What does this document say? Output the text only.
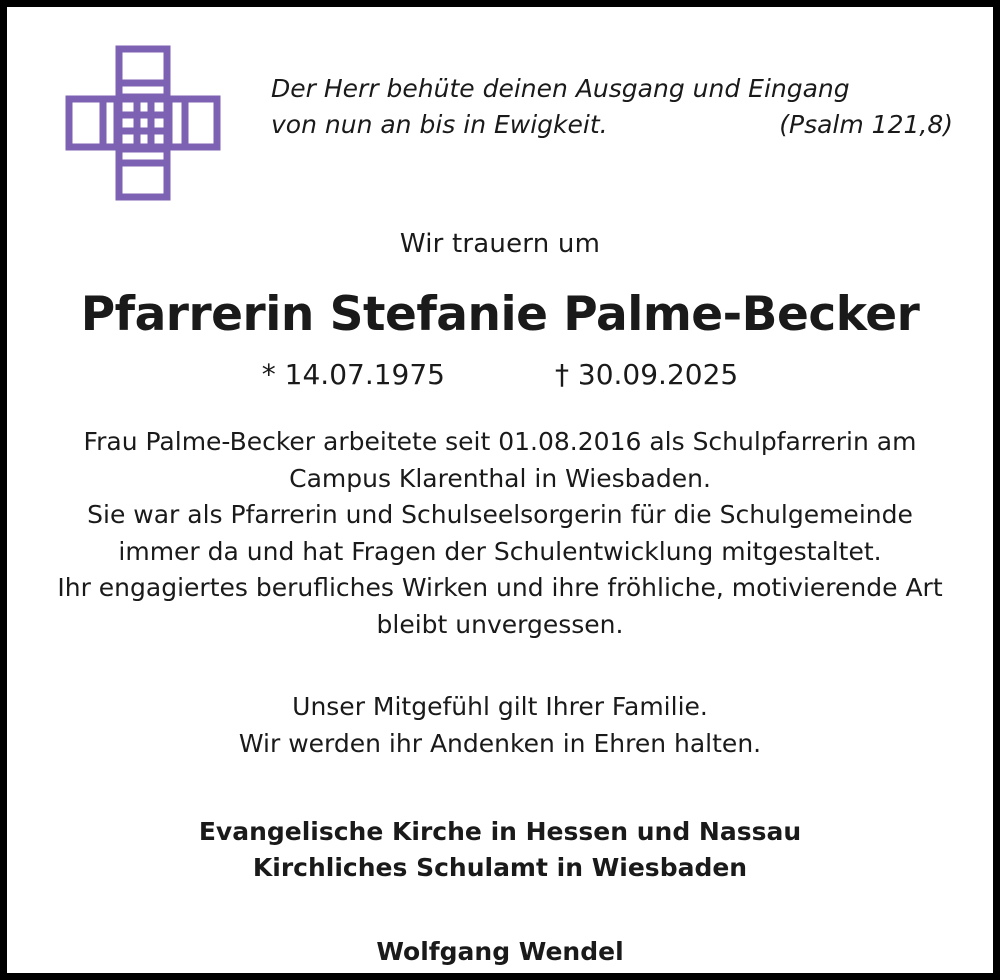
Der Herr behüte deinen Ausgang und Eingang
von nun an bis in Ewigkeit.	(Psalm 121,8)
Wir trauern um
Pfarrerin Stefanie Palme-Becker
* 14.07.1975	† 30.09.2025
Frau Palme-Becker arbeitete seit 01.08.2016 als Schulpfarrerin am
Campus Klarenthal in Wiesbaden.
Sie war als Pfarrerin und Schulseelsorgerin für die Schulgemeinde
immer da und hat Fragen der Schulentwicklung mitgestaltet.
Ihr engagiertes berufliches Wirken und ihre fröhliche, motivierende Art
bleibt unvergessen.
Unser Mitgefühl gilt Ihrer Familie.
Wir werden ihr Andenken in Ehren halten.
Evangelische Kirche in Hessen und Nassau
Kirchliches Schulamt in Wiesbaden
Wolfgang Wendel
